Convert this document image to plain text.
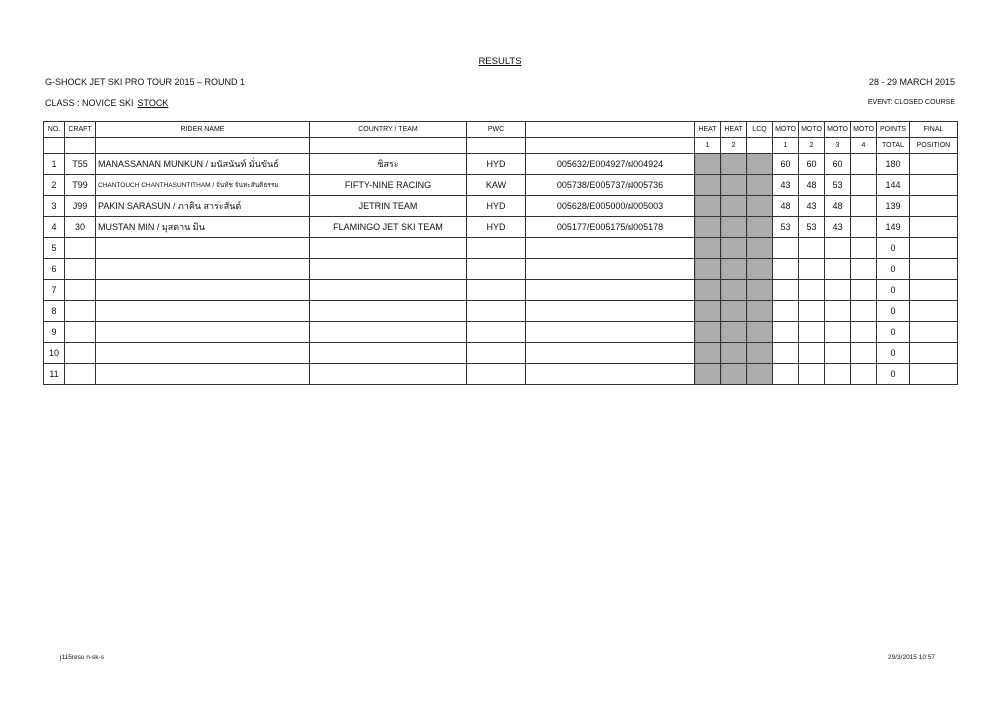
RESULTS
G-SHOCK JET SKI PRO TOUR 2015 – ROUND 1	28 - 29 MARCH 2015
CLASS : NOVICE SKI STOCK	EVENT: CLOSED COURSE
NO.	CRAFT	RIDER NAME	COUNTRY / TEAM	PWC		HEAT	HEAT	LCQ	MOTO	MOTO	MOTO	MOTO	POINTS	FINAL
						1	2		1	2	3	4	TOTAL	POSITION
1	T55	MANASSANAN MUNKUN / มนัสนันท์ มั่นขันธ์	ชิสระ	HYD	005632/E004927/ฝ004924				60	60	60		180	
2	T99	CHANTOUCH CHANTHASUNTITHAM / จันทัช จันทะสันติธรรม	FIFTY-NINE RACING	KAW	005738/E005737/ฝ005736				43	48	53		144	
3	J99	PAKIN SARASUN / ภาคิน สาระสันต์	JETRIN TEAM	HYD	005628/E005000/ฝ005003				48	43	48		139	
4	30	MUSTAN MIN / มุสตาน มิน	FLAMINGO JET SKI TEAM	HYD	005177/E005175/ฝ005178				53	53	43		149	
5													0	
6													0	
7													0	
8													0	
9													0	
10													0	
11													0	
j115resu n-sk-s	29/3/2015 10:57
